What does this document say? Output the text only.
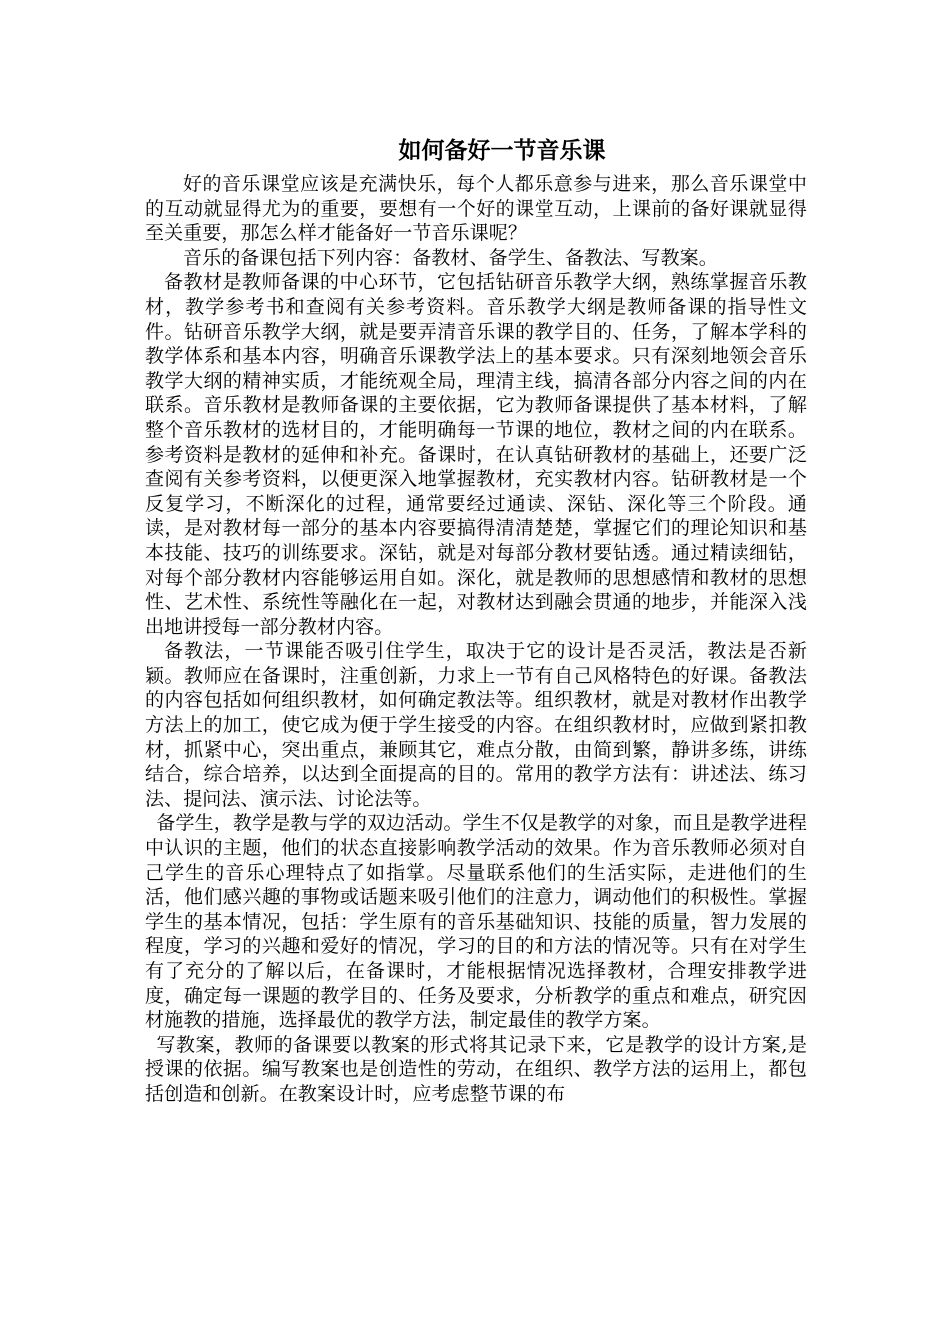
如何备好一节音乐课

好的音乐课堂应该是充满快乐，每个人都乐意参与进来，那么音乐课堂中的互动就显得尤为的重要，要想有一个好的课堂互动，上课前的备好课就显得至关重要，那怎么样才能备好一节音乐课呢？

音乐的备课包括下列内容：备教材、备学生、备教法、写教案。

备教材是教师备课的中心环节，它包括钻研音乐教学大纲，熟练掌握音乐教材，教学参考书和查阅有关参考资料。音乐教学大纲是教师备课的指导性文件。钻研音乐教学大纲，就是要弄清音乐课的教学目的、任务，了解本学科的教学体系和基本内容，明确音乐课教学法上的基本要求。只有深刻地领会音乐教学大纲的精神实质，才能统观全局，理清主线，搞清各部分内容之间的内在联系。音乐教材是教师备课的主要依据，它为教师备课提供了基本材料，了解整个音乐教材的选材目的，才能明确每一节课的地位，教材之间的内在联系。参考资料是教材的延伸和补充。备课时，在认真钻研教材的基础上，还要广泛查阅有关参考资料，以便更深入地掌握教材，充实教材内容。钻研教材是一个反复学习，不断深化的过程，通常要经过通读、深钻、深化等三个阶段。通读，是对教材每一部分的基本内容要搞得清清楚楚，掌握它们的理论知识和基本技能、技巧的训练要求。深钻，就是对每部分教材要钻透。通过精读细钻，对每个部分教材内容能够运用自如。深化，就是教师的思想感情和教材的思想性、艺术性、系统性等融化在一起，对教材达到融会贯通的地步，并能深入浅出地讲授每一部分教材内容。

备教法，一节课能否吸引住学生，取决于它的设计是否灵活，教法是否新颖。教师应在备课时，注重创新，力求上一节有自己风格特色的好课。备教法的内容包括如何组织教材，如何确定教法等。组织教材，就是对教材作出教学方法上的加工，使它成为便于学生接受的内容。在组织教材时，应做到紧扣教材，抓紧中心，突出重点，兼顾其它，难点分散，由简到繁，静讲多练，讲练结合，综合培养，以达到全面提高的目的。常用的教学方法有：讲述法、练习法、提问法、演示法、讨论法等。

备学生，教学是教与学的双边活动。学生不仅是教学的对象，而且是教学进程中认识的主题，他们的状态直接影响教学活动的效果。作为音乐教师必须对自己学生的音乐心理特点了如指掌。尽量联系他们的生活实际，走进他们的生活，他们感兴趣的事物或话题来吸引他们的注意力，调动他们的积极性。掌握学生的基本情况，包括：学生原有的音乐基础知识、技能的质量，智力发展的程度，学习的兴趣和爱好的情况，学习的目的和方法的情况等。只有在对学生有了充分的了解以后，在备课时，才能根据情况选择教材，合理安排教学进度，确定每一课题的教学目的、任务及要求，分析教学的重点和难点，研究因材施教的措施，选择最优的教学方法，制定最佳的教学方案。

写教案，教师的备课要以教案的形式将其记录下来，它是教学的设计方案,是授课的依据。编写教案也是创造性的劳动，在组织、教学方法的运用上，都包括创造和创新。在教案设计时，应考虑整节课的布
